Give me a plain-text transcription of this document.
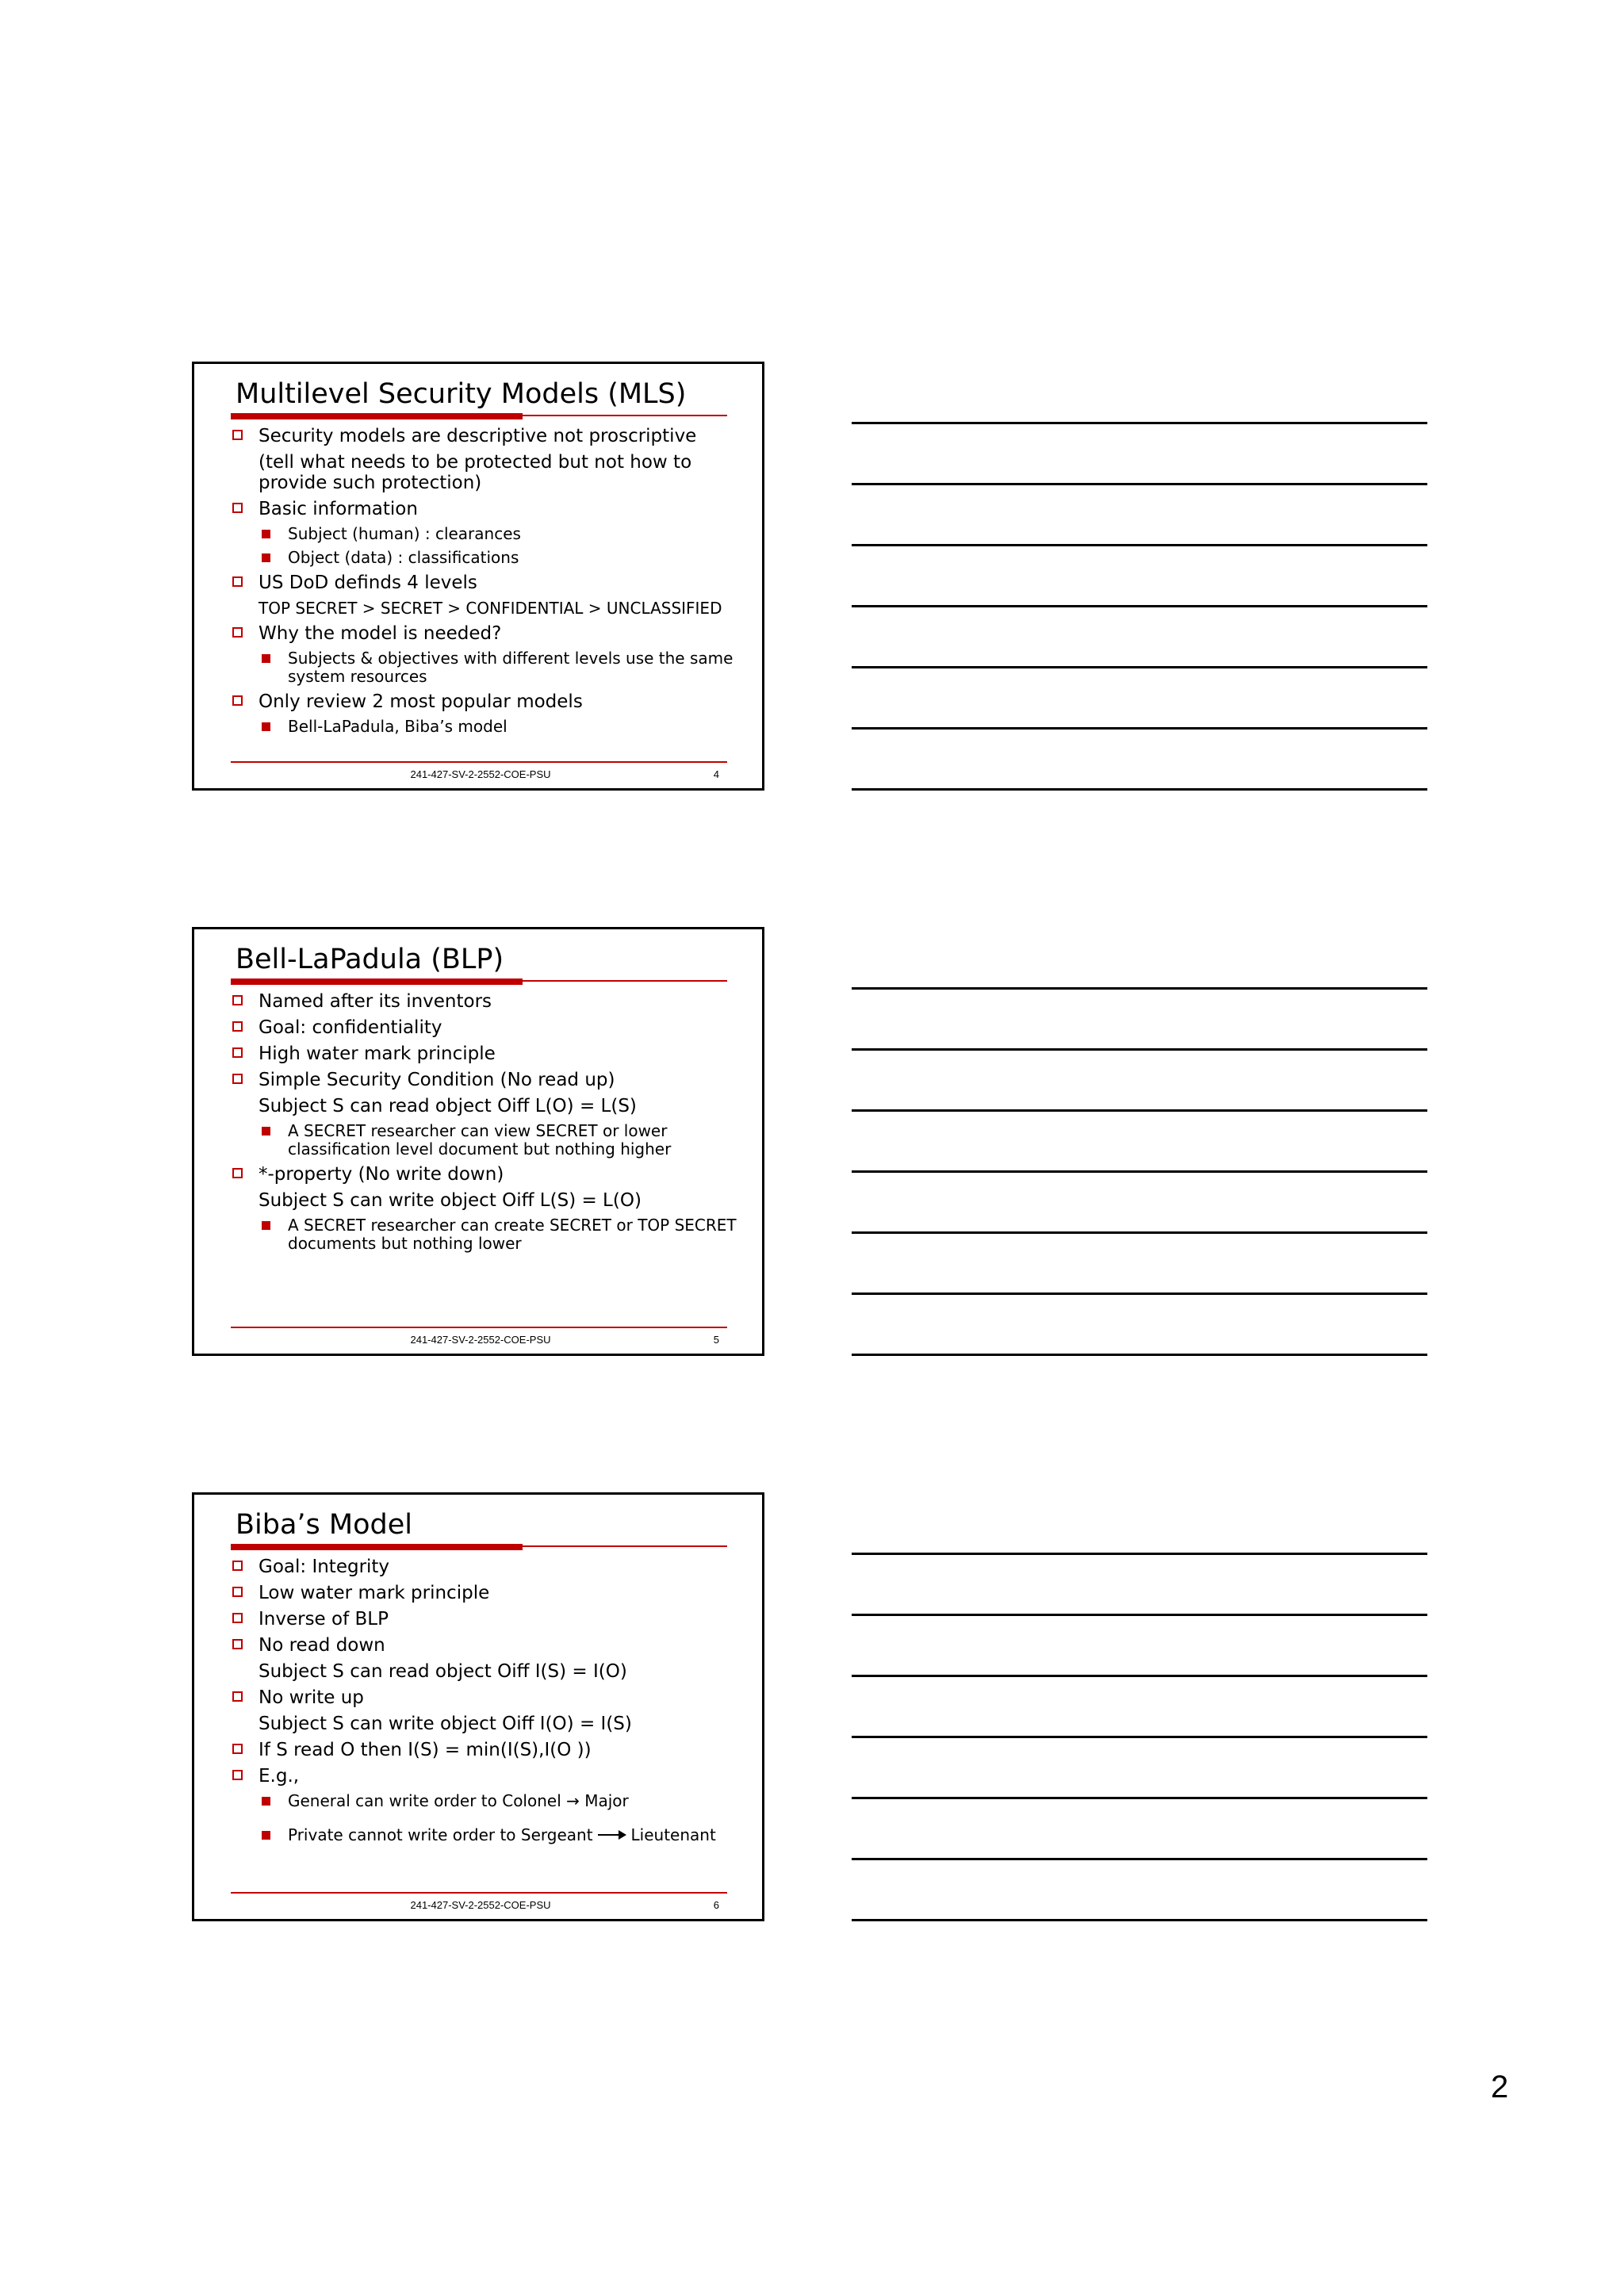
Multilevel Security Models (MLS)
Security models are descriptive not proscriptive
(tell what needs to be protected but not how to provide such protection)
Basic information
Subject (human) : clearances
Object (data) : classifications
US DoD definds 4 levels
TOP SECRET > SECRET > CONFIDENTIAL > UNCLASSIFIED
Why the model is needed?
Subjects & objectives with different levels use the same system resources
Only review 2 most popular models
Bell-LaPadula, Biba’s model
241-427-SV-2-2552-COE-PSU	4
Bell-LaPadula (BLP)
Named after its inventors
Goal: confidentiality
High water mark principle
Simple Security Condition (No read up)
Subject S can read object Oiff L(O) = L(S)
A SECRET researcher can view SECRET or lower classification level document but nothing higher
*-property (No write down)
Subject S can write object Oiff L(S) = L(O)
A SECRET researcher can create SECRET or TOP SECRET documents but nothing lower
241-427-SV-2-2552-COE-PSU	5
Biba’s Model
Goal: Integrity
Low water mark principle
Inverse of BLP
No read down
Subject S can read object Oiff I(S) = I(O)
No write up
Subject S can write object Oiff I(O) = I(S)
If S read O then I(S) = min(I(S),I(O ))
E.g.,
General can write order to Colonel → Major
Private cannot write order to Sergeant Lieutenant
241-427-SV-2-2552-COE-PSU	6
2
